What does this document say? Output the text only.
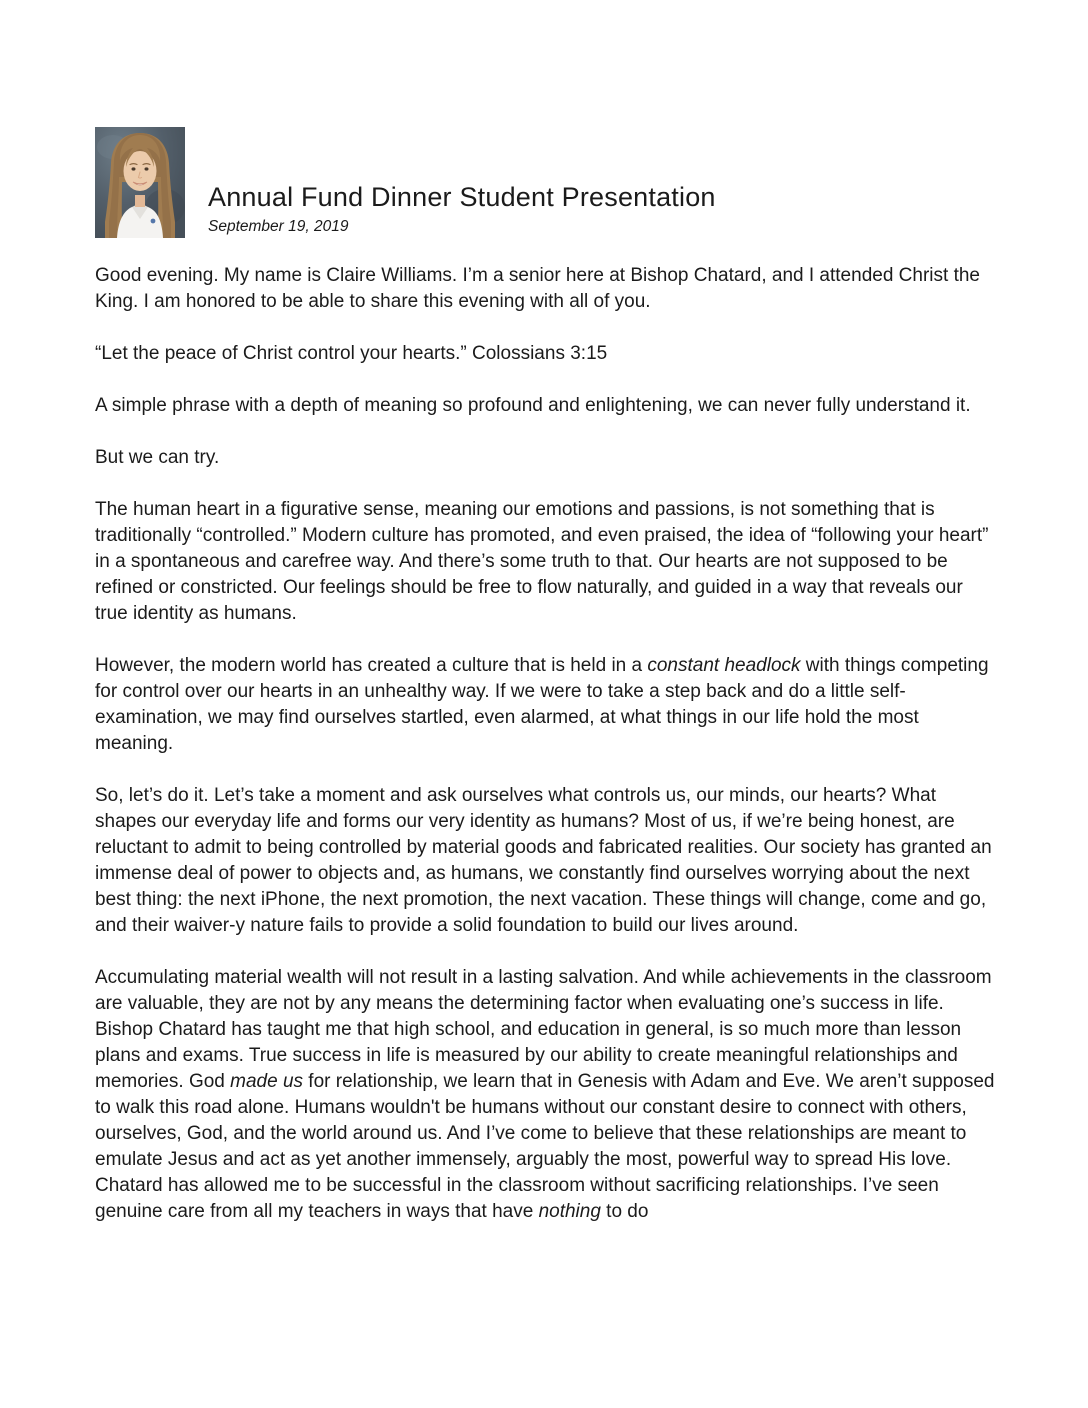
Annual Fund Dinner Student Presentation
September 19, 2019

Good evening. My name is Claire Williams. I’m a senior here at Bishop Chatard, and I attended Christ the King. I am honored to be able to share this evening with all of you.

“Let the peace of Christ control your hearts.” Colossians 3:15

A simple phrase with a depth of meaning so profound and enlightening, we can never fully understand it.

But we can try.

The human heart in a figurative sense, meaning our emotions and passions, is not something that is traditionally “controlled.” Modern culture has promoted, and even praised, the idea of “following your heart” in a spontaneous and carefree way. And there’s some truth to that. Our hearts are not supposed to be refined or constricted. Our feelings should be free to flow naturally, and guided in a way that reveals our true identity as humans.

However, the modern world has created a culture that is held in a constant headlock with things competing for control over our hearts in an unhealthy way. If we were to take a step back and do a little self-examination, we may find ourselves startled, even alarmed, at what things in our life hold the most meaning.

So, let’s do it. Let’s take a moment and ask ourselves what controls us, our minds, our hearts? What shapes our everyday life and forms our very identity as humans? Most of us, if we’re being honest, are reluctant to admit to being controlled by material goods and fabricated realities. Our society has granted an immense deal of power to objects and, as humans, we constantly find ourselves worrying about the next best thing: the next iPhone, the next promotion, the next vacation. These things will change, come and go, and their waiver-y nature fails to provide a solid foundation to build our lives around.

Accumulating material wealth will not result in a lasting salvation. And while achievements in the classroom are valuable, they are not by any means the determining factor when evaluating one’s success in life. Bishop Chatard has taught me that high school, and education in general, is so much more than lesson plans and exams. True success in life is measured by our ability to create meaningful relationships and memories. God made us for relationship, we learn that in Genesis with Adam and Eve. We aren’t supposed to walk this road alone. Humans wouldn't be humans without our constant desire to connect with others, ourselves, God, and the world around us. And I’ve come to believe that these relationships are meant to emulate Jesus and act as yet another immensely, arguably the most, powerful way to spread His love. Chatard has allowed me to be successful in the classroom without sacrificing relationships. I’ve seen genuine care from all my teachers in ways that have nothing to do
